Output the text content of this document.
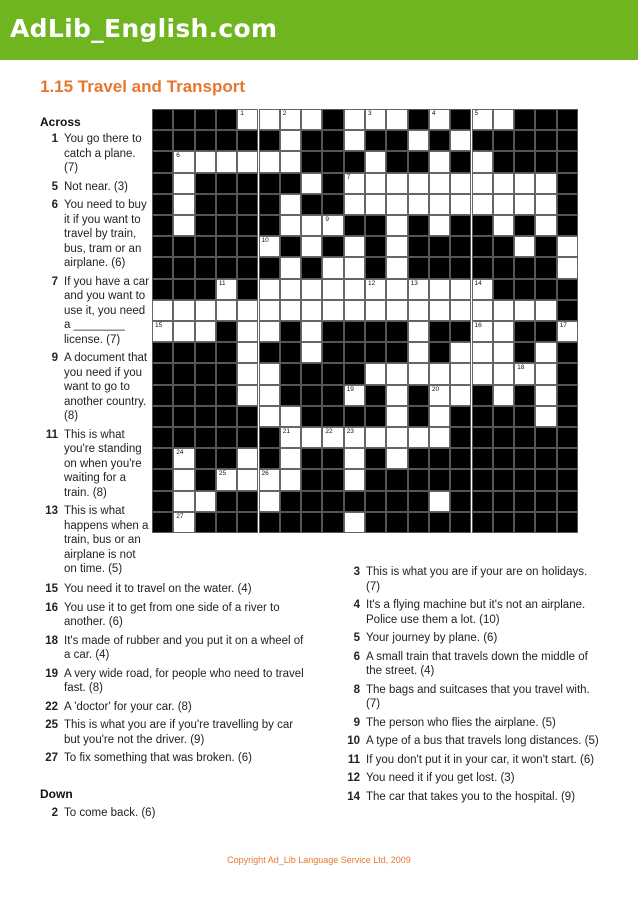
AdLib_English.com
1.15 Travel and Transport
Across
1 You go there to catch a plane. (7)
5 Not near. (3)
6 You need to buy it if you want to travel by train, bus, tram or an airplane. (6)
7 If you have a car and you want to use it, you need a ________ license. (7)
9 A document that you need if you want to go to another country. (8)
11 This is what you're standing on when you're waiting for a train. (8)
13 This is what happens when a train, bus or an airplane is not on time. (5)
15 You need it to travel on the water. (4)
16 You use it to get from one side of a river to another. (6)
18 It's made of rubber and you put it on a wheel of a car. (4)
19 A very wide road, for people who need to travel fast. (8)
22 A 'doctor' for your car. (8)
25 This is what you are if you're travelling by car but you're not the driver. (9)
27 To fix something that was broken. (6)
Down
2 To come back. (6)
3 This is what you are if your are on holidays. (7)
4 It's a flying machine but it's not an airplane. Police use them a lot. (10)
5 Your journey by plane. (6)
6 A small train that travels down the middle of the street. (4)
8 The bags and suitcases that you travel with. (7)
9 The person who flies the airplane. (5)
10 A type of a bus that travels long distances. (5)
11 If you don't put it in your car, it won't start. (6)
12 You need it if you get lost. (3)
14 The car that takes you to the hospital. (9)
1	2	3	4	5
6
7
9
10
11	12	13	14
15	16	17
18
19	20
21	22 23
24
25	26
27
Copyright Ad_Lib Language Service Ltd, 2009
